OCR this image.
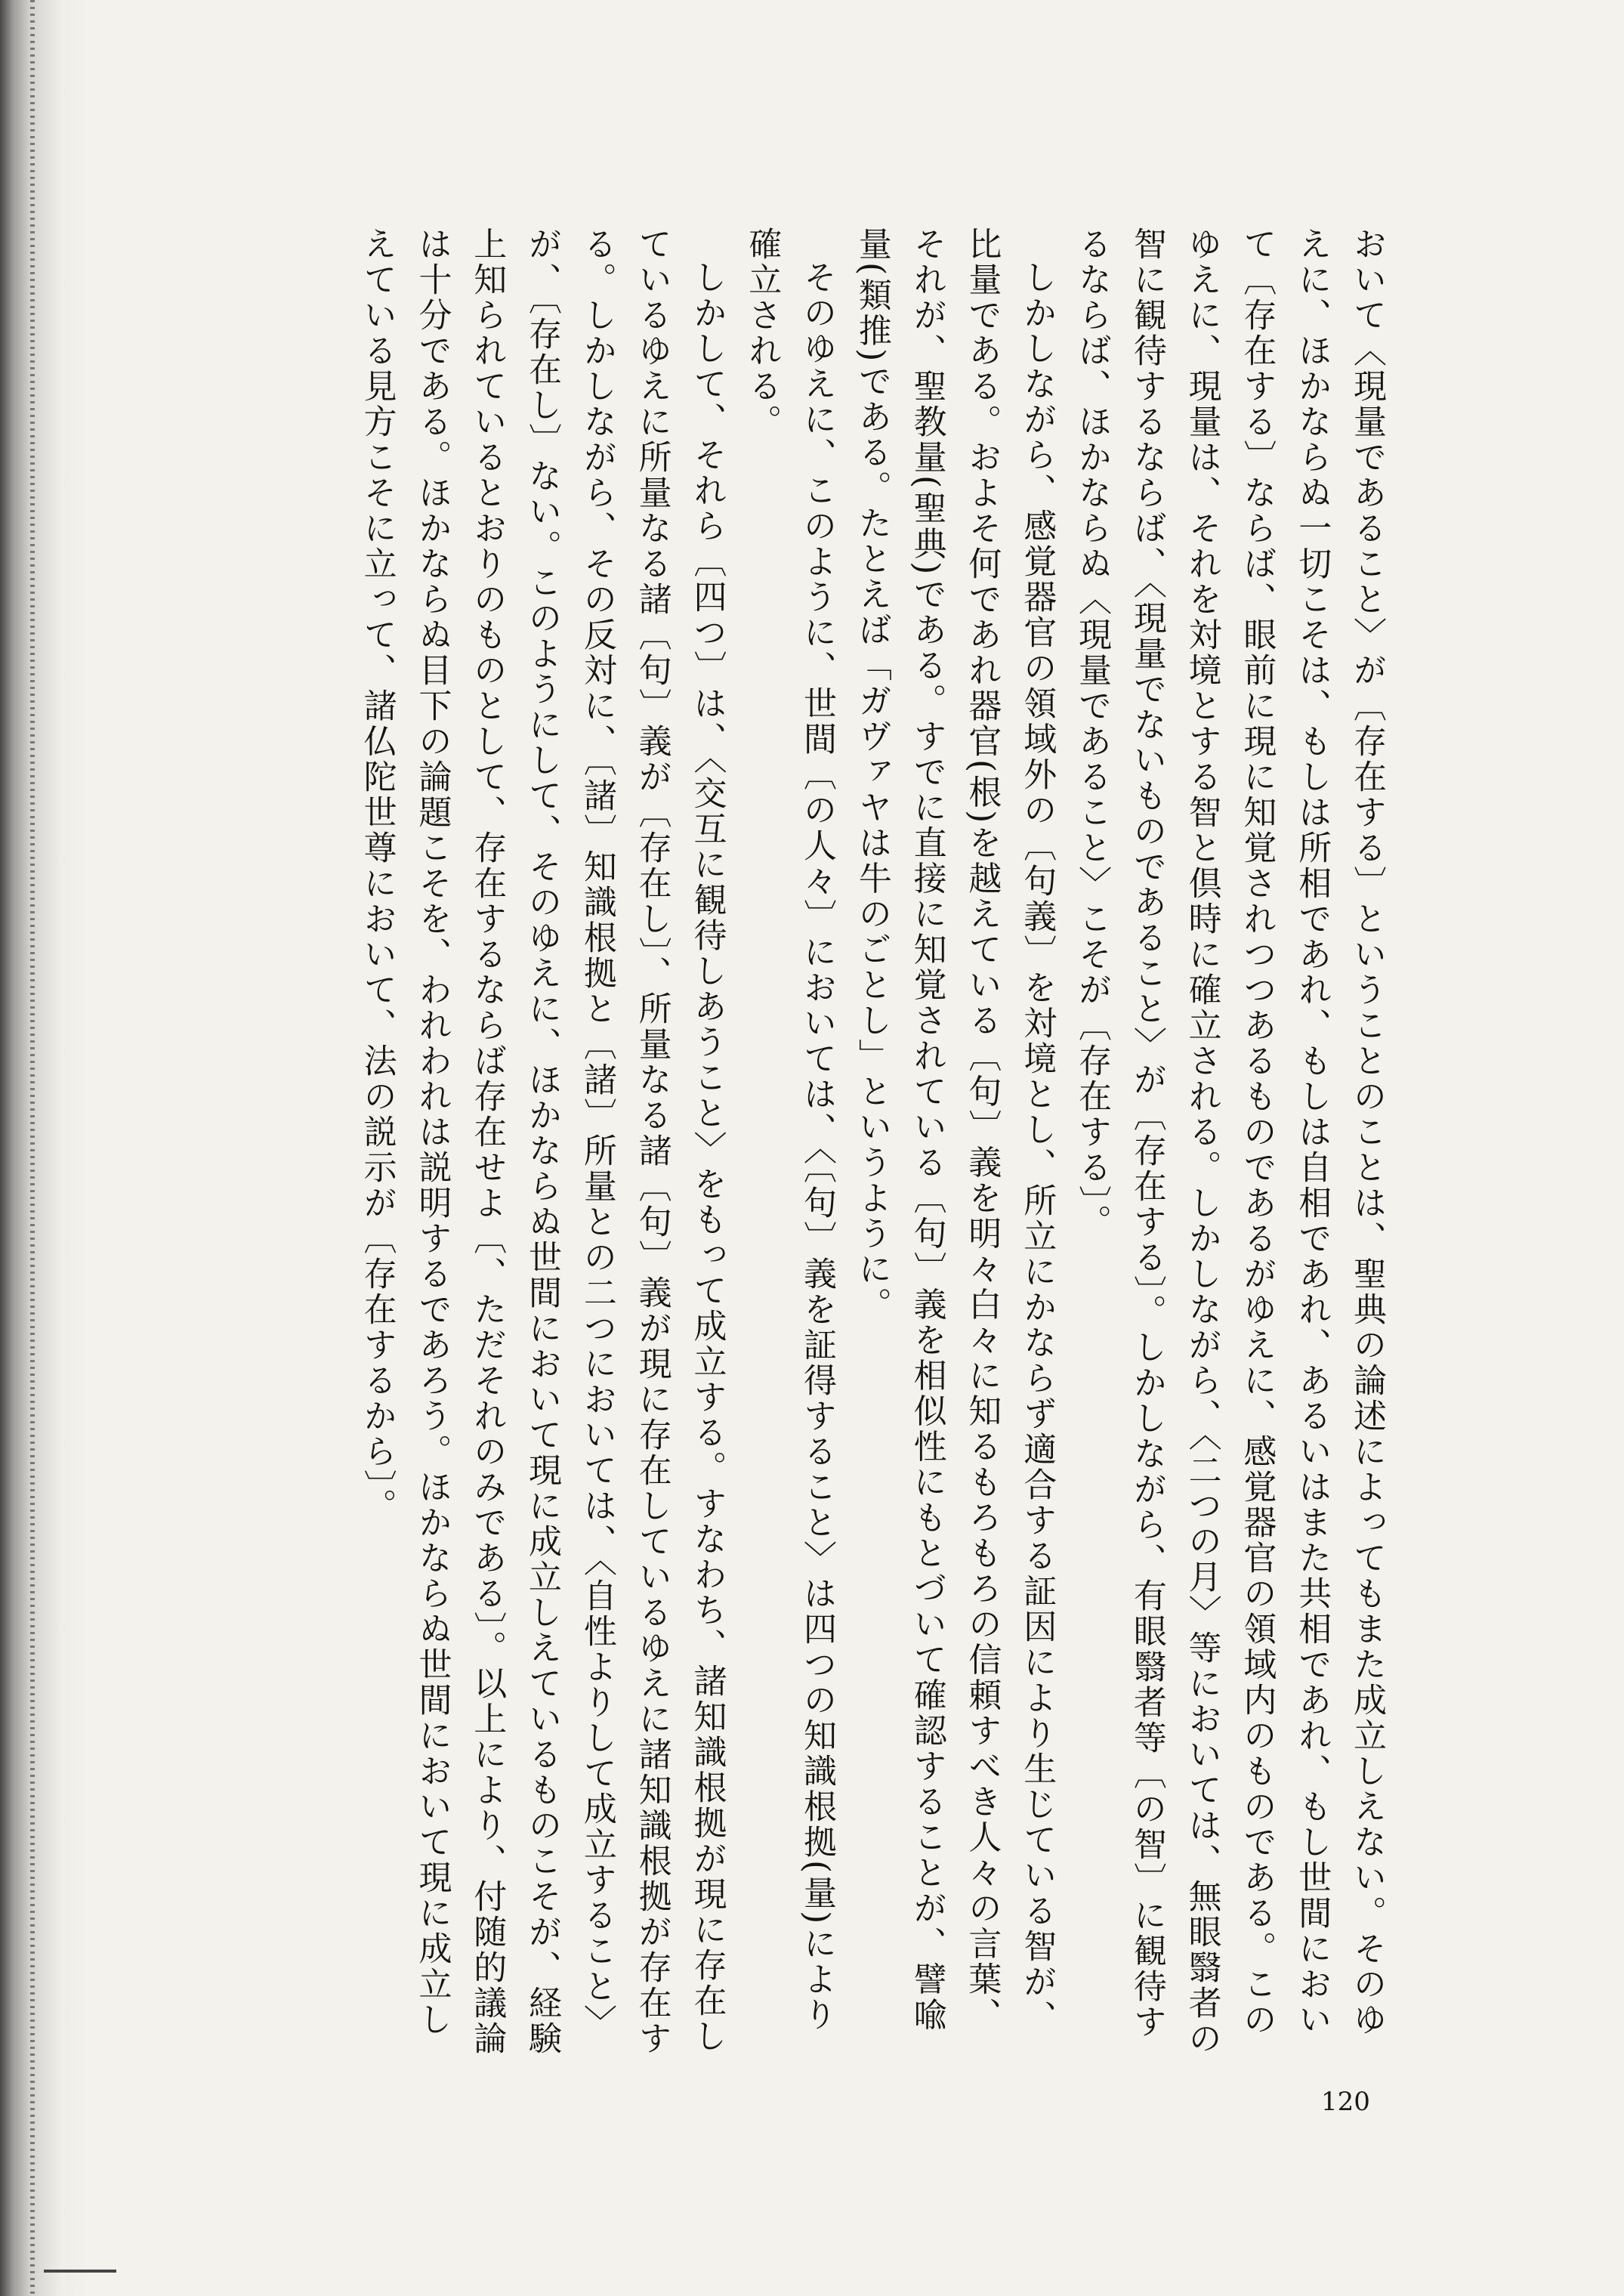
おいて〈現量であること〉が〔存在する〕ということのことは、聖典の論述によってもまた成立しえない。そのゆえに、ほかならぬ一切こそは、もしは所相であれ、もしは自相であれ、あるいはまた共相であれ、もし世間において〔存在する〕ならば、眼前に現に知覚されつつあるものであるがゆえに、感覚器官の領域内のものである。このゆえに、現量は、それを対境とする智と倶時に確立される。しかしながら、〈二つの月〉等においては、無眼翳者の智に観待するならば、〈現量でないものであること〉が〔存在する〕。しかしながら、有眼翳者等〔の智〕に観待するならば、ほかならぬ〈現量であること〉こそが〔存在する〕。

しかしながら、感覚器官の領域外の〔句義〕を対境とし、所立にかならず適合する証因により生じている智が、比量である。およそ何であれ器官(根)を越えている〔句〕義を明々白々に知るもろもろの信頼すべき人々の言葉、それが、聖教量(聖典)である。すでに直接に知覚されている〔句〕義を相似性にもとづいて確認することが、譬喩量(類推)である。たとえば「ガヴァヤは牛のごとし」というように。

そのゆえに、このように、世間〔の人々〕においては、〈〔句〕義を証得すること〉は四つの知識根拠(量)により確立される。

しかして、それら〔四つ〕は、〈交互に観待しあうこと〉をもって成立する。すなわち、諸知識根拠が現に存在しているゆえに所量なる諸〔句〕義が〔存在し〕、所量なる諸〔句〕義が現に存在しているゆえに諸知識根拠が存在する。しかしながら、その反対に、〔諸〕知識根拠と〔諸〕所量との二つにおいては、〈自性よりして成立すること〉が、〔存在し〕ない。このようにして、そのゆえに、ほかならぬ世間において現に成立しえているものこそが、経験上知られているとおりのものとして、存在するならば存在せよ〔、ただそれのみである〕。以上により、付随的議論は十分である。ほかならぬ目下の論題こそを、われわれは説明するであろう。ほかならぬ世間において現に成立しえている見方こそに立って、諸仏陀世尊において、法の説示が〔存在するから〕。

120
